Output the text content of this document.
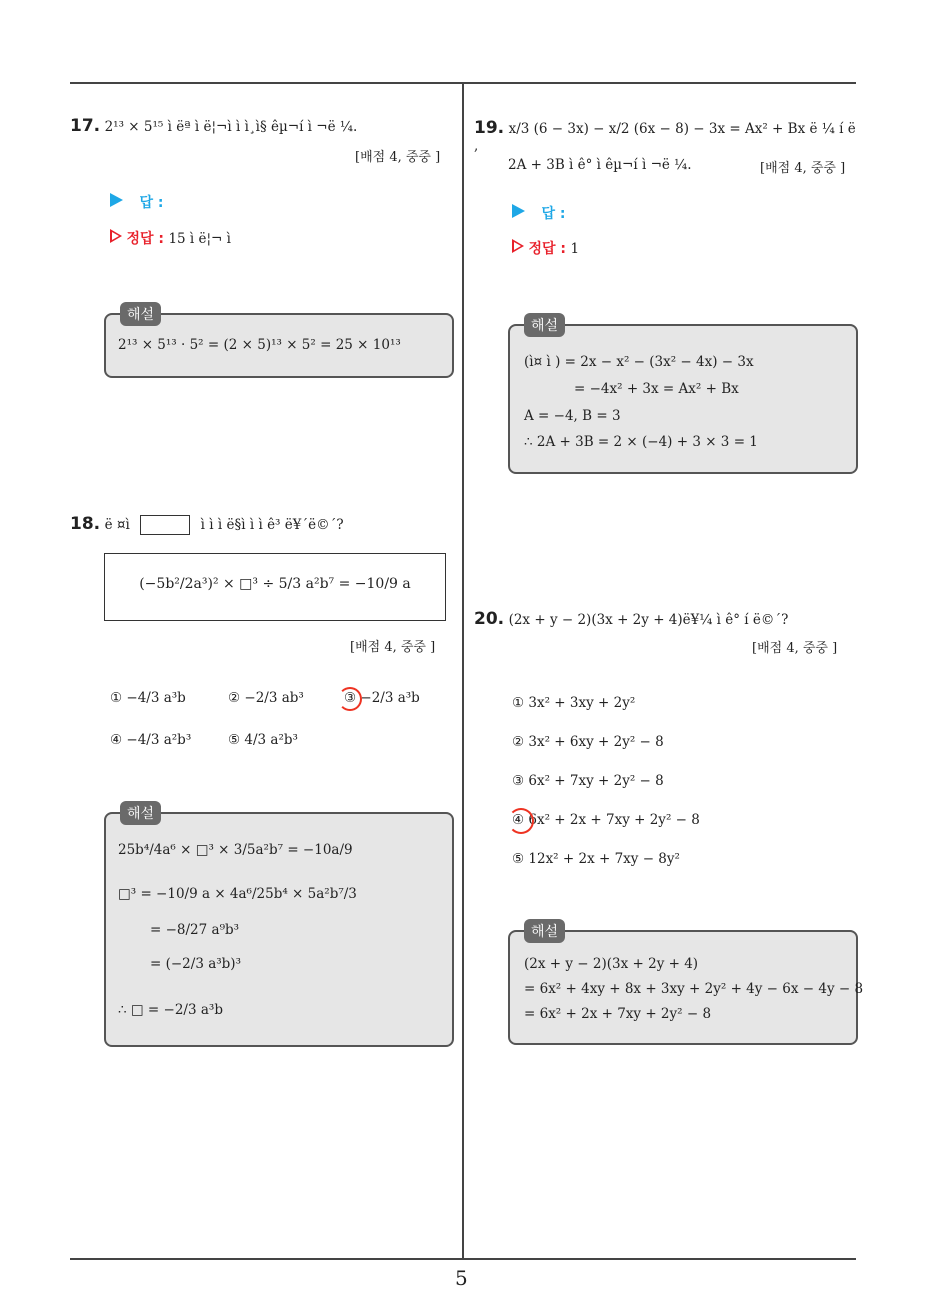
17. 2¹³ × 5¹⁵ ì ëª ì ë¦¬ì ì ì¸ì§ êµ¬í ì ¬ë ¼.
[배점 4, 중중 ]
답 :
정답 : 15 ì ë¦¬ ì
2¹³ × 5¹³ · 5² = (2 × 5)¹³ × 5² = 25 × 10¹³
해설
18. ë ¤ì	ì ì ì ë§ì ì ì ê³ ë¥´ë©´?
(−5b²/2a³)² × □³ ÷ 5/3 a²b⁷ = −10/9 a
[배점 4, 중중 ]
① −4/3 a³b	② −2/3 ab³	③ −2/3 a³b
④ −4/3 a²b³	⑤ 4/3 a²b³
25b⁴/4a⁶ × □³ × 3/5a²b⁷ = −10a/9
□³ = −10/9 a × 4a⁶/25b⁴ × 5a²b⁷/3
= −8/27 a⁹b³
= (−2/3 a³b)³
∴ □ = −2/3 a³b
해설
19. x/3 (6 − 3x) − x/2 (6x − 8) − 3x = Ax² + Bx ë ¼ í ë ,
2A + 3B ì ê° ì êµ¬í ì ¬ë ¼.	[배점 4, 중중 ]
답 :
정답 : 1
(ì¤ ì ) = 2x − x² − (3x² − 4x) − 3x
= −4x² + 3x = Ax² + Bx
A = −4, B = 3
∴ 2A + 3B = 2 × (−4) + 3 × 3 = 1
해설
20. (2x + y − 2)(3x + 2y + 4)ë¥¼ ì ê° í ë©´?
[배점 4, 중중 ]
① 3x² + 3xy + 2y²
② 3x² + 6xy + 2y² − 8
③ 6x² + 7xy + 2y² − 8
④ 6x² + 2x + 7xy + 2y² − 8
⑤ 12x² + 2x + 7xy − 8y²
(2x + y − 2)(3x + 2y + 4)
= 6x² + 4xy + 8x + 3xy + 2y² + 4y − 6x − 4y − 8
= 6x² + 2x + 7xy + 2y² − 8
해설
5
